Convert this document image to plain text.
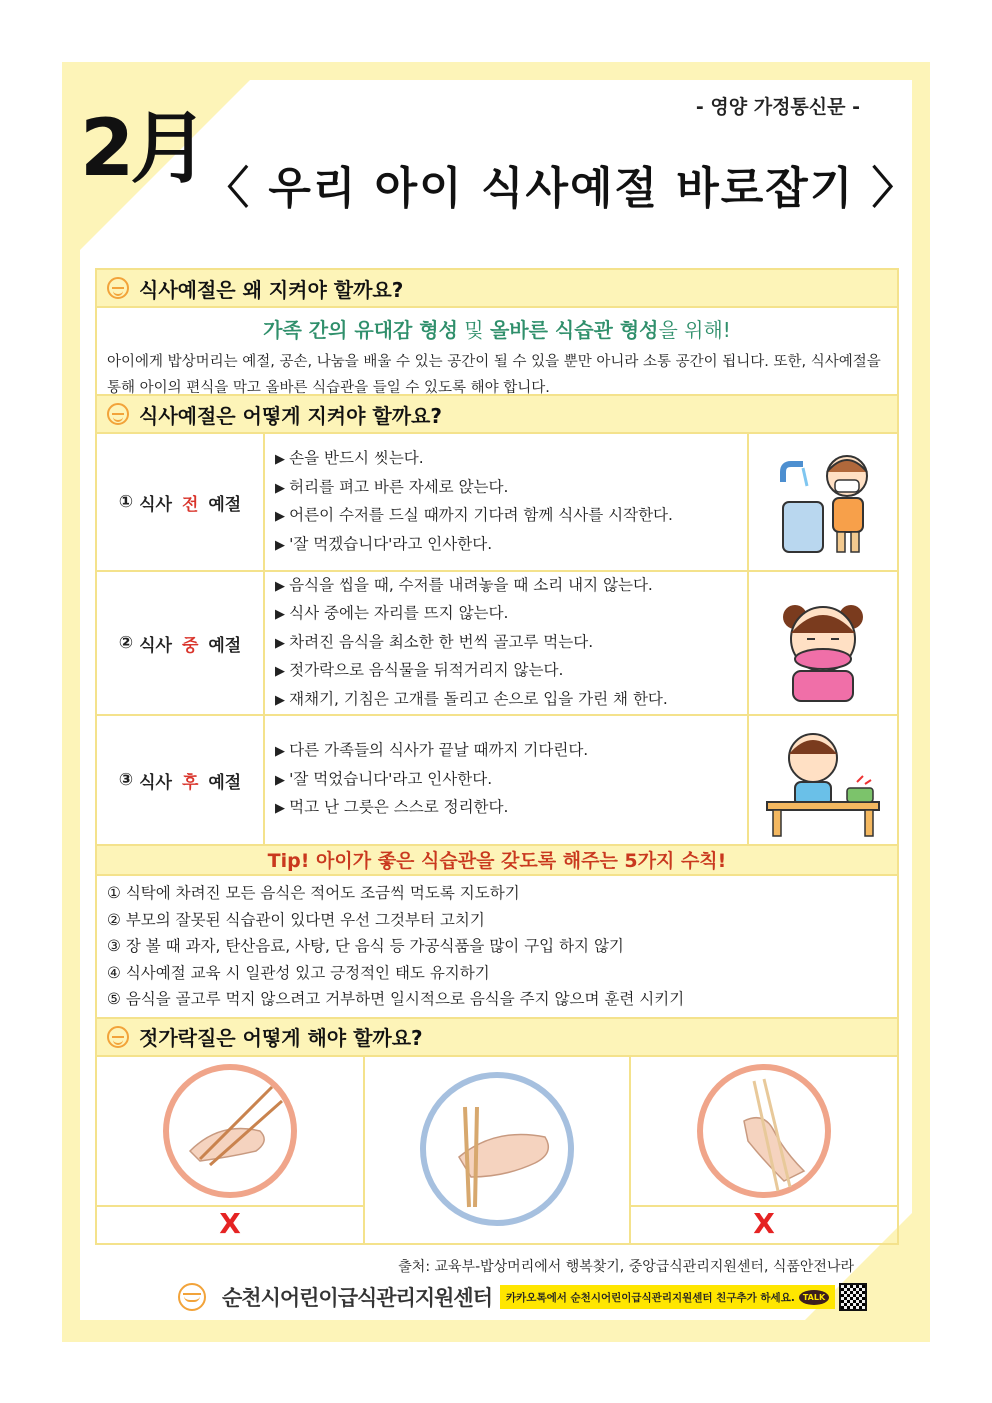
2月	- 영양 가정통신문 -
〈 우리 아이 식사예절 바로잡기 〉
식사예절은 왜 지켜야 할까요?
가족 간의 유대감 형성 및 올바른 식습관 형성을 위해!
아이에게 밥상머리는 예절, 공손, 나눔을 배울 수 있는 공간이 될 수 있을 뿐만 아니라 소통 공간이 됩니다. 또한, 식사예절을 통해 아이의 편식을 막고 올바른 식습관을 들일 수 있도록 해야 합니다.
식사예절은 어떻게 지켜야 할까요?
①
식사 전 예절
▶ 손을 반드시 씻는다.
▶ 허리를 펴고 바른 자세로 앉는다.
▶ 어른이 수저를 드실 때까지 기다려 함께 식사를 시작한다.
▶ '잘 먹겠습니다'라고 인사한다.
②
식사 중 예절
▶ 음식을 씹을 때, 수저를 내려놓을 때 소리 내지 않는다.
▶ 식사 중에는 자리를 뜨지 않는다.
▶ 차려진 음식을 최소한 한 번씩 골고루 먹는다.
▶ 젓가락으로 음식물을 뒤적거리지 않는다.
▶ 재채기, 기침은 고개를 돌리고 손으로 입을 가린 채 한다.
③
식사 후 예절
▶ 다른 가족들의 식사가 끝날 때까지 기다린다.
▶ '잘 먹었습니다'라고 인사한다.
▶ 먹고 난 그릇은 스스로 정리한다.
Tip! 아이가 좋은 식습관을 갖도록 해주는 5가지 수칙!
① 식탁에 차려진 모든 음식은 적어도 조금씩 먹도록 지도하기
② 부모의 잘못된 식습관이 있다면 우선 그것부터 고치기
③ 장 볼 때 과자, 탄산음료, 사탕, 단 음식 등 가공식품을 많이 구입 하지 않기
④ 식사예절 교육 시 일관성 있고 긍정적인 태도 유지하기
⑤ 음식을 골고루 먹지 않으려고 거부하면 일시적으로 음식을 주지 않으며 훈련 시키기
젓가락질은 어떻게 해야 할까요?
X	X
출처: 교육부-밥상머리에서 행복찾기, 중앙급식관리지원센터, 식품안전나라
순천시어린이급식관리지원센터 카카오톡에서 순천시어린이급식관리지원센터 친구추가 하세요.	TALK
